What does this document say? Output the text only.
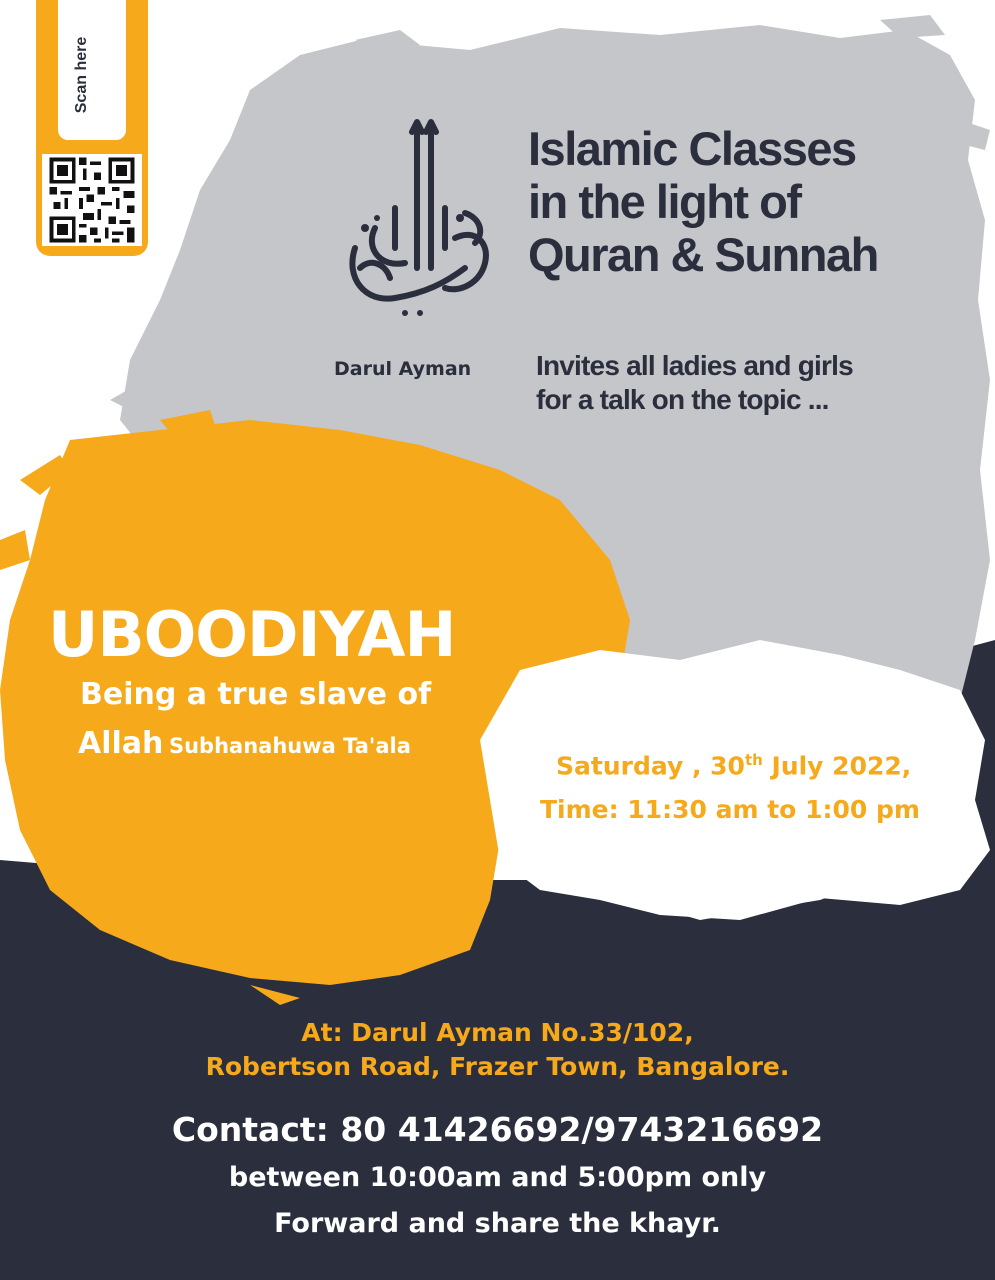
Scan here
Islamic Classes
in the light of
Quran & Sunnah
Darul Ayman Invites all ladies and girls
for a talk on the topic ...
UBOODIYAH
Being a true slave of
Allah Subhanahuwa Ta'ala
Saturday , 30th July 2022,
Time: 11:30 am to 1:00 pm
At: Darul Ayman No.33/102,
Robertson Road, Frazer Town, Bangalore.
Contact: 80 41426692/9743216692
between 10:00am and 5:00pm only
Forward and share the khayr.
